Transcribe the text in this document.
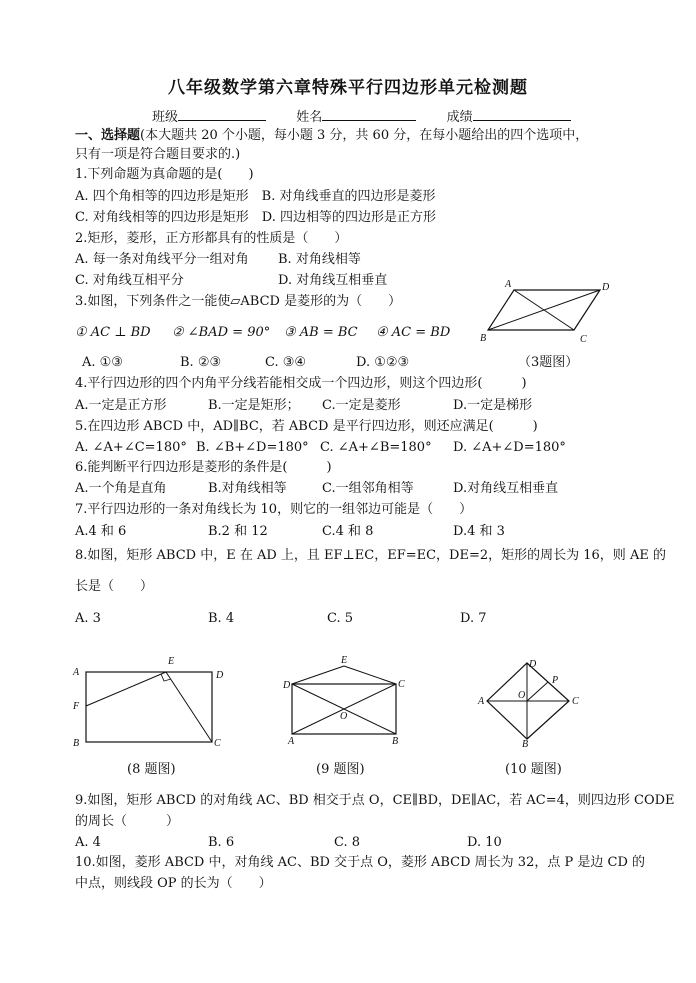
八年级数学第六章特殊平行四边形单元检测题
班级	姓名	成绩
一、选择题(本大题共 20 个小题，每小题 3 分，共 60 分，在每小题给出的四个选项中，
只有一项是符合题目要求的.)
1.下列命题为真命题的是(　　)
A. 四个角相等的四边形是矩形　B. 对角线垂直的四边形是菱形
C. 对角线相等的四边形是矩形　D. 四边相等的四边形是正方形
2.矩形，菱形，正方形都具有的性质是（　　）
A. 每一条对角线平分一组对角 B. 对角线相等
C. 对角线互相平分	D. 对角线互相垂直
3.如图，下列条件之一能使▱ABCD 是菱形的为（　　）
① AC ⊥ BD ② ∠BAD = 90° ③ AB = BC ④ AC = BD
A. ①③	B. ②③	C. ③④	D. ①②③	（3题图）
A	D
B	C
4.平行四边形的四个内角平分线若能相交成一个四边形，则这个四边形(　　　)
A.一定是正方形	B.一定是矩形； C.一定是菱形	D.一定是梯形
5.在四边形 ABCD 中，AD∥BC，若 ABCD 是平行四边形，则还应满足(　　　)
A. ∠A+∠C=180° B. ∠B+∠D=180° C. ∠A+∠B=180° D. ∠A+∠D=180°
6.能判断平行四边形是菱形的条件是(　　　)
A.一个角是直角	B.对角线相等	C.一组邻角相等	D.对角线互相垂直
7.平行四边形的一条对角线长为 10，则它的一组邻边可能是（　　）
A.4 和 6	B.2 和 12	C.4 和 8	D.4 和 3
8.如图，矩形 ABCD 中，E 在 AD 上，且 EF⊥EC，EF=EC，DE=2，矩形的周长为 16，则 AE 的
长是（　　）
A. 3	B. 4	C. 5	D. 7
A
E
D
F
B	C
(8 题图)
E
D	C
O
A	B
(9 题图)
D
P
A
O
C
B
(10 题图)
9.如图，矩形 ABCD 的对角线 AC、BD 相交于点 O，CE∥BD，DE∥AC，若 AC=4，则四边形 CODE
的周长（　　　）
A. 4	B. 6	C. 8	D. 10
10.如图，菱形 ABCD 中，对角线 AC、BD 交于点 O，菱形 ABCD 周长为 32，点 P 是边 CD 的
中点，则线段 OP 的长为（　　）
